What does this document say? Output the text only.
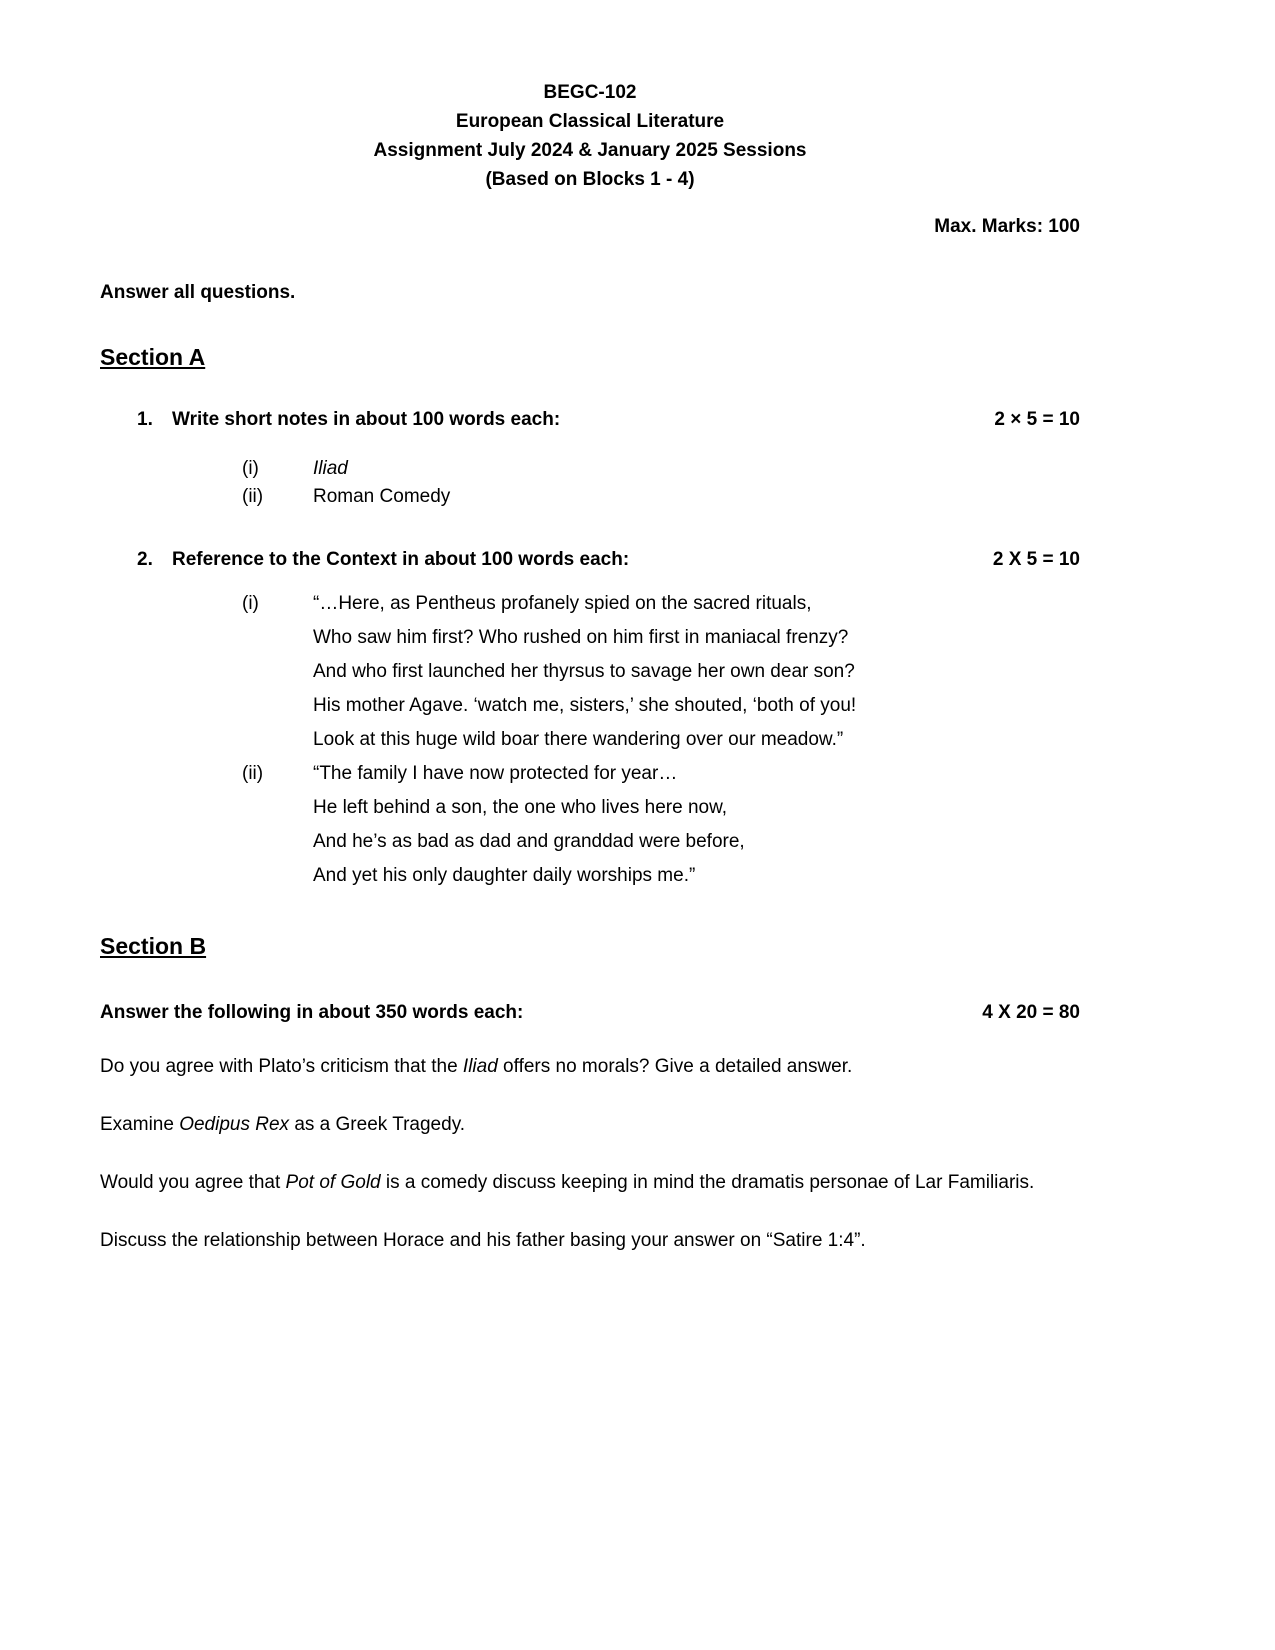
BEGC-102
European Classical Literature
Assignment July 2024 & January 2025 Sessions
(Based on Blocks 1 - 4)
Max. Marks: 100
Answer all questions.
Section A
1.	Write short notes in about 100 words each:	2 × 5 = 10
(i)	Iliad
(ii)	Roman Comedy
2.	Reference to the Context in about 100 words each:	2 X 5 = 10
(i)	“…Here, as Pentheus profanely spied on the sacred rituals,
Who saw him first? Who rushed on him first in maniacal frenzy?
And who first launched her thyrsus to savage her own dear son?
His mother Agave. ‘watch me, sisters,’ she shouted, ‘both of you!
Look at this huge wild boar there wandering over our meadow.”
(ii)	“The family I have now protected for year…
He left behind a son, the one who lives here now,
And he’s as bad as dad and granddad were before,
And yet his only daughter daily worships me.”
Section B
Answer the following in about 350 words each:	4 X 20 = 80

Do you agree with Plato’s criticism that the Iliad offers no morals? Give a detailed answer.

Examine Oedipus Rex as a Greek Tragedy.

Would you agree that Pot of Gold is a comedy discuss keeping in mind the dramatis personae of Lar Familiaris.

Discuss the relationship between Horace and his father basing your answer on “Satire 1:4”.
